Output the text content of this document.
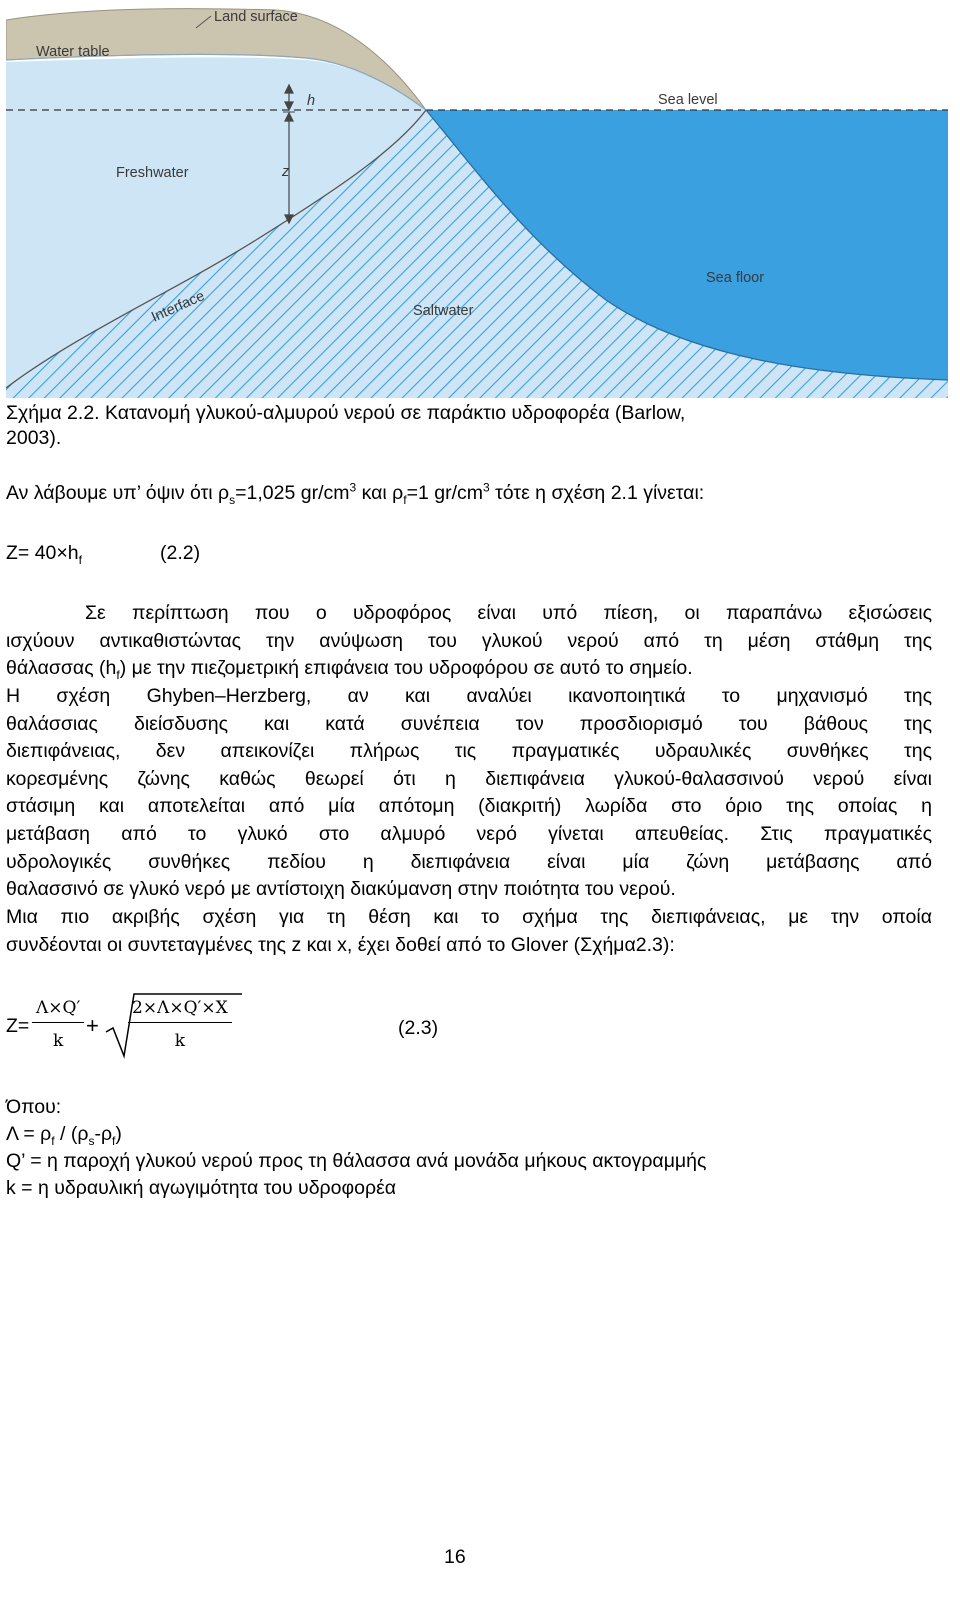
Land surface
Water table
Sea level
h
Freshwater	z
Interface	Saltwater
Sea floor
Σχήμα 2.2. Κατανομή γλυκού-αλμυρού νερού σε παράκτιο υδροφορέα (Barlow,
2003).
Αν λάβουμε υπ’ όψιν ότι $\rho_s=1,025$ $gr/cm^3$ και $\rho_f=1$ $gr/cm^3$ τότε η σχέση 2.1 γίνεται:
$Z= 40\times h_f$	(2.2)
Σε περίπτωση που ο υδροφόρος είναι υπό πίεση, οι παραπάνω εξισώσεις
ισχύουν αντικαθιστώντας την ανύψωση του γλυκού νερού από τη μέση στάθμη της
θάλασσας $(h_f)$ με την πιεζομετρική επιφάνεια του υδροφόρου σε αυτό το σημείο.
Η σχέση Ghyben–Herzberg, αν και αναλύει ικανοποιητικά το μηχανισμό της
θαλάσσιας διείσδυσης και κατά συνέπεια τον προσδιορισμό του βάθους της
διεπιφάνειας, δεν απεικονίζει πλήρως τις πραγματικές υδραυλικές συνθήκες της
κορεσμένης ζώνης καθώς θεωρεί ότι η διεπιφάνεια γλυκού-θαλασσινού νερού είναι
στάσιμη και αποτελείται από μία απότομη (διακριτή) λωρίδα στο όριο της οποίας η
μετάβαση από το γλυκό στο αλμυρό νερό γίνεται απευθείας. Στις πραγματικές
υδρολογικές συνθήκες πεδίου η διεπιφάνεια είναι μία ζώνη μετάβασης από
θαλασσινό σε γλυκό νερό με αντίστοιχη διακύμανση στην ποιότητα του νερού.
Μια πιο ακριβής σχέση για τη θέση και το σχήμα της διεπιφάνειας, με την οποία
συνδέονται οι συντεταγμένες της z και x, έχει δοθεί από το Glover (Σχήμα2.3):
$Z= \frac{\Lambda\times Q'}{k} + \frac{2\times\Lambda\times Q'\times X}{k}$	(2.3)
Όπου:
$\Lambda = \rho_f / (\rho_s-\rho_f)$
Q’ = η παροχή γλυκού νερού προς τη θάλασσα ανά μονάδα μήκους ακτογραμμής
k = η υδραυλική αγωγιμότητα του υδροφορέα
16
